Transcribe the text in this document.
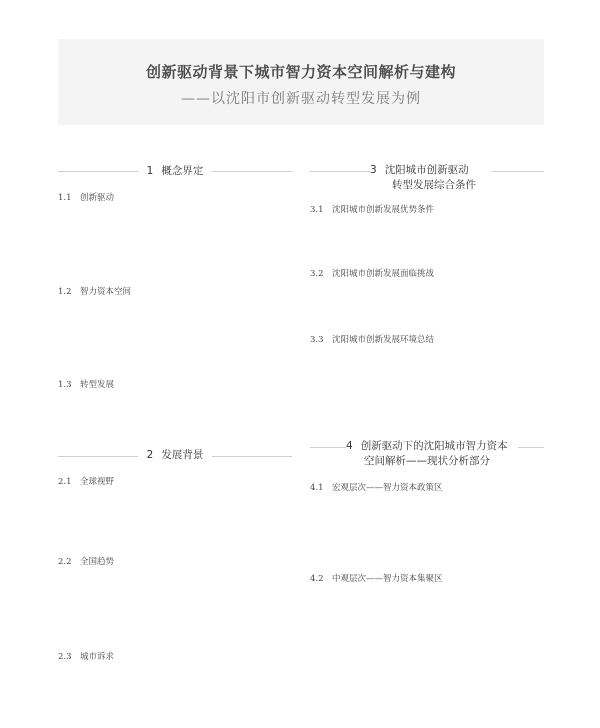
创新驱动背景下城市智力资本空间解析与建构
——以沈阳市创新驱动转型发展为例
1 概念界定
1.1 创新驱动
1.2 智力资本空间
1.3 转型发展
2 发展背景
2.1 全球视野
2.2 全国趋势
2.3 城市诉求
3 沈阳城市创新驱动
转型发展综合条件
3.1 沈阳城市创新发展优势条件
3.2 沈阳城市创新发展面临挑战
3.3 沈阳城市创新发展环境总结
4 创新驱动下的沈阳城市智力资本
空间解析——现状分析部分
4.1 宏观层次——智力资本政策区
4.2 中观层次——智力资本集聚区
